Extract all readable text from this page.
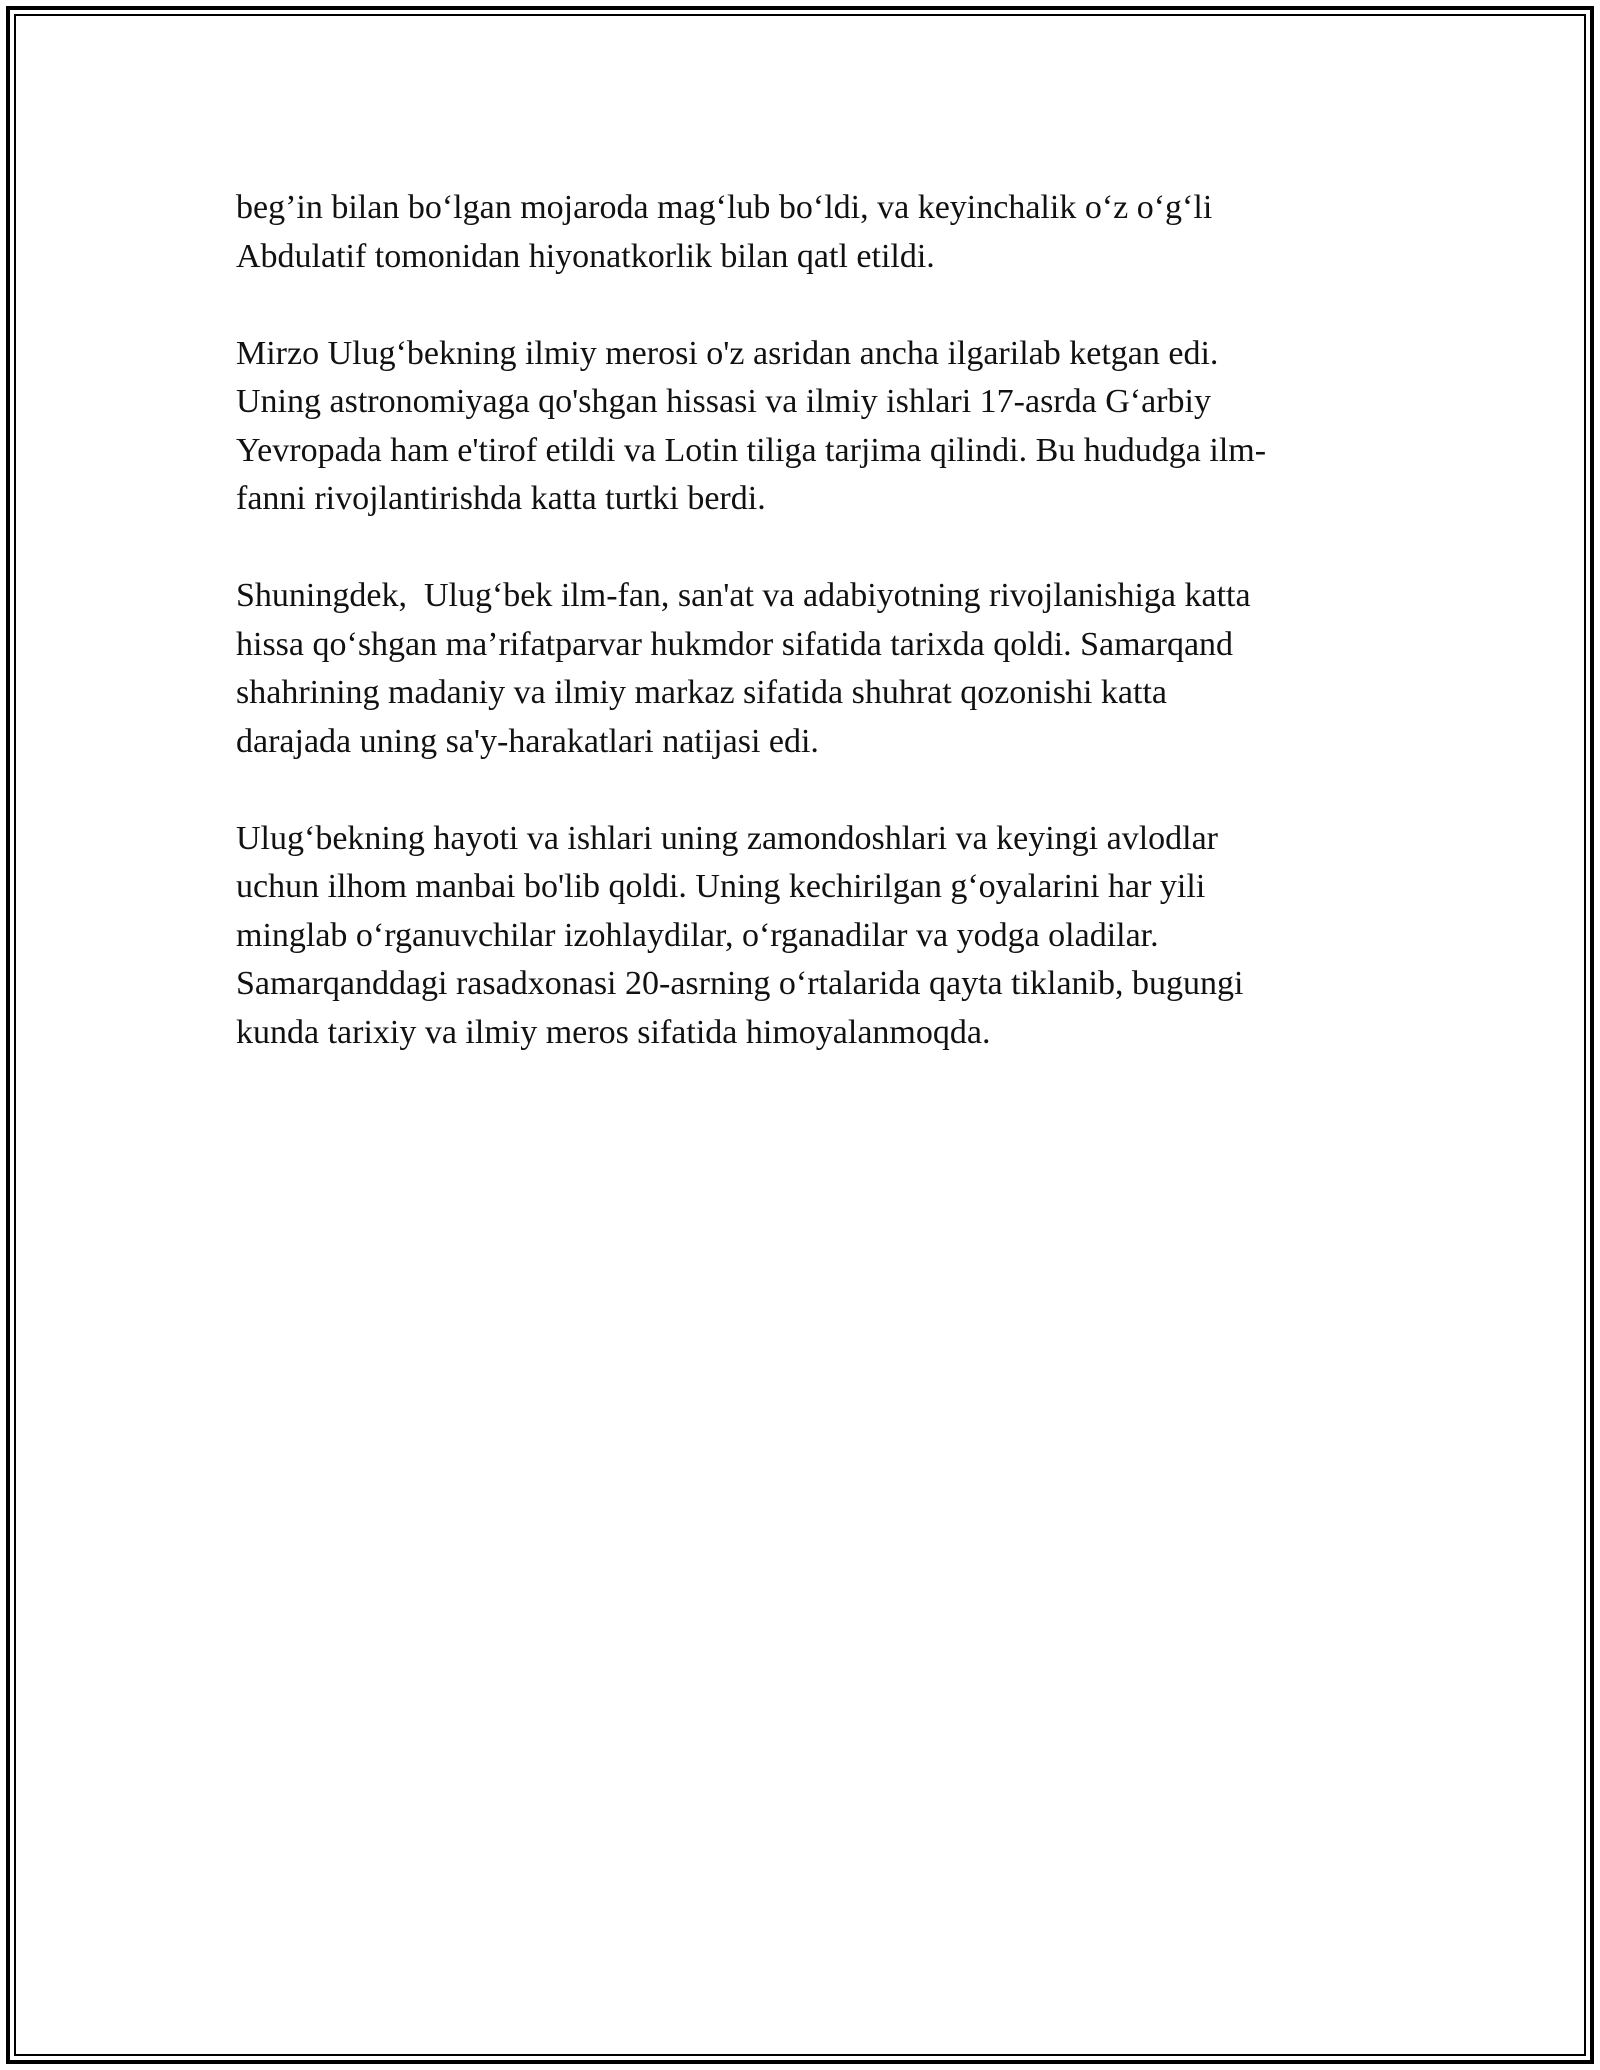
beg’in bilan bo‘lgan mojaroda mag‘lub bo‘ldi, va keyinchalik o‘z o‘g‘li
Abdulatif tomonidan hiyonatkorlik bilan qatl etildi.

Mirzo Ulug‘bekning ilmiy merosi o'z asridan ancha ilgarilab ketgan edi.
Uning astronomiyaga qo'shgan hissasi va ilmiy ishlari 17-asrda G‘arbiy
Yevropada ham e'tirof etildi va Lotin tiliga tarjima qilindi. Bu hududga ilm-
fanni rivojlantirishda katta turtki berdi.

Shuningdek,  Ulug‘bek ilm-fan, san'at va adabiyotning rivojlanishiga katta
hissa qo‘shgan ma’rifatparvar hukmdor sifatida tarixda qoldi. Samarqand
shahrining madaniy va ilmiy markaz sifatida shuhrat qozonishi katta
darajada uning sa'y-harakatlari natijasi edi.

Ulug‘bekning hayoti va ishlari uning zamondoshlari va keyingi avlodlar
uchun ilhom manbai bo'lib qoldi. Uning kechirilgan g‘oyalarini har yili
minglab o‘rganuvchilar izohlaydilar, o‘rganadilar va yodga oladilar.
Samarqanddagi rasadxonasi 20-asrning o‘rtalarida qayta tiklanib, bugungi
kunda tarixiy va ilmiy meros sifatida himoyalanmoqda.
